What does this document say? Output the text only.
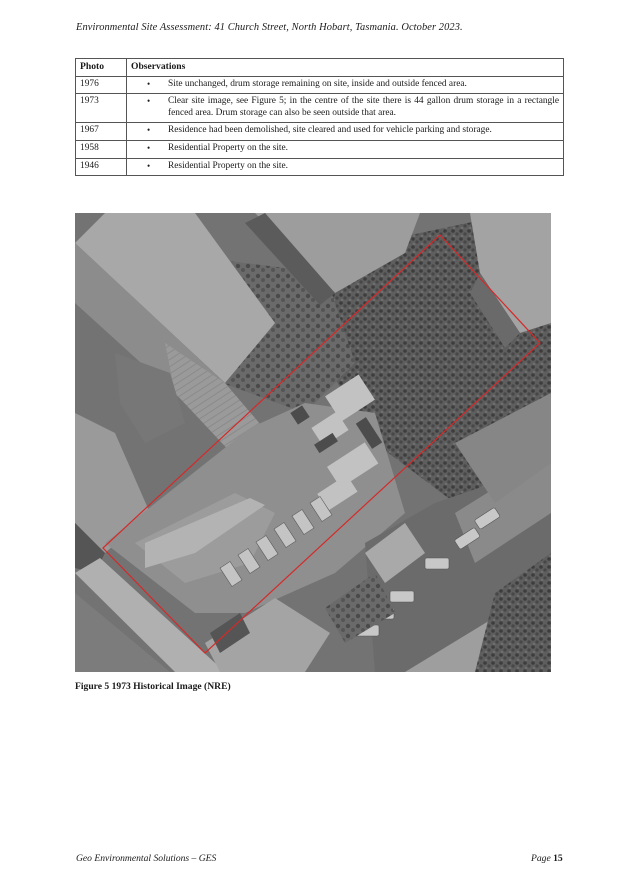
Environmental Site Assessment: 41 Church Street, North Hobart, Tasmania. October 2023.
Photo	Observations
1976	• Site unchanged, drum storage remaining on site, inside and outside fenced area.

1973	• Clear site image, see Figure 5; in the centre of the site there is 44 gallon drum storage in a rectangle fenced area. Drum storage can also be seen outside that area.

1967	• Residence had been demolished, site cleared and used for vehicle parking and storage.

1958	• Residential Property on the site.

1946	• Residential Property on the site.
Figure 5 1973 Historical Image (NRE)
Geo Environmental Solutions – GES	Page 15
